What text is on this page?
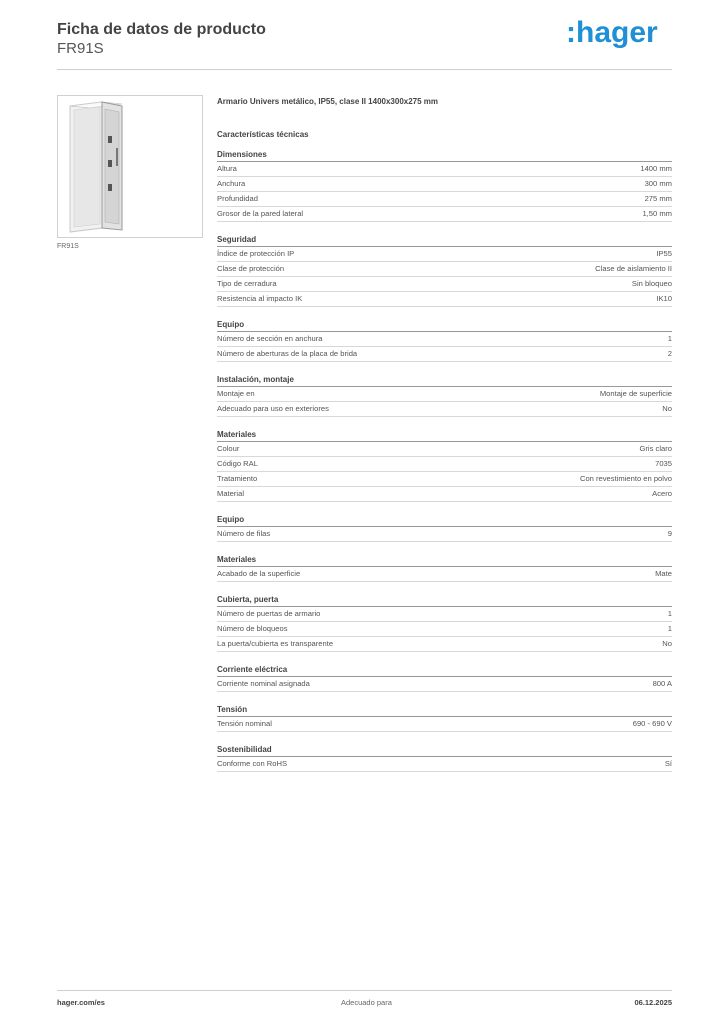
Ficha de datos de producto
FR91S	:hager
FR91S
Armario Univers metálico, IP55, clase II 1400x300x275 mm
Características técnicas
Dimensiones
Altura	1400 mm
Anchura	300 mm
Profundidad	275 mm
Grosor de la pared lateral	1,50 mm
Seguridad
Índice de protección IP	IP55
Clase de protección	Clase de aislamiento II
Tipo de cerradura	Sin bloqueo
Resistencia al impacto IK	IK10
Equipo
Número de sección en anchura	1
Número de aberturas de la placa de brida	2
Instalación, montaje
Montaje en	Montaje de superficie
Adecuado para uso en exteriores	No
Materiales
Colour	Gris claro
Código RAL	7035
Tratamiento	Con revestimiento en polvo
Material	Acero
Equipo
Número de filas	9
Materiales
Acabado de la superficie	Mate
Cubierta, puerta
Número de puertas de armario	1
Número de bloqueos	1
La puerta/cubierta es transparente	No
Corriente eléctrica
Corriente nominal asignada	800 A
Tensión
Tensión nominal	690 - 690 V
Sostenibilidad
Conforme con RoHS	Sí
hager.com/es	Adecuado para	06.12.2025
